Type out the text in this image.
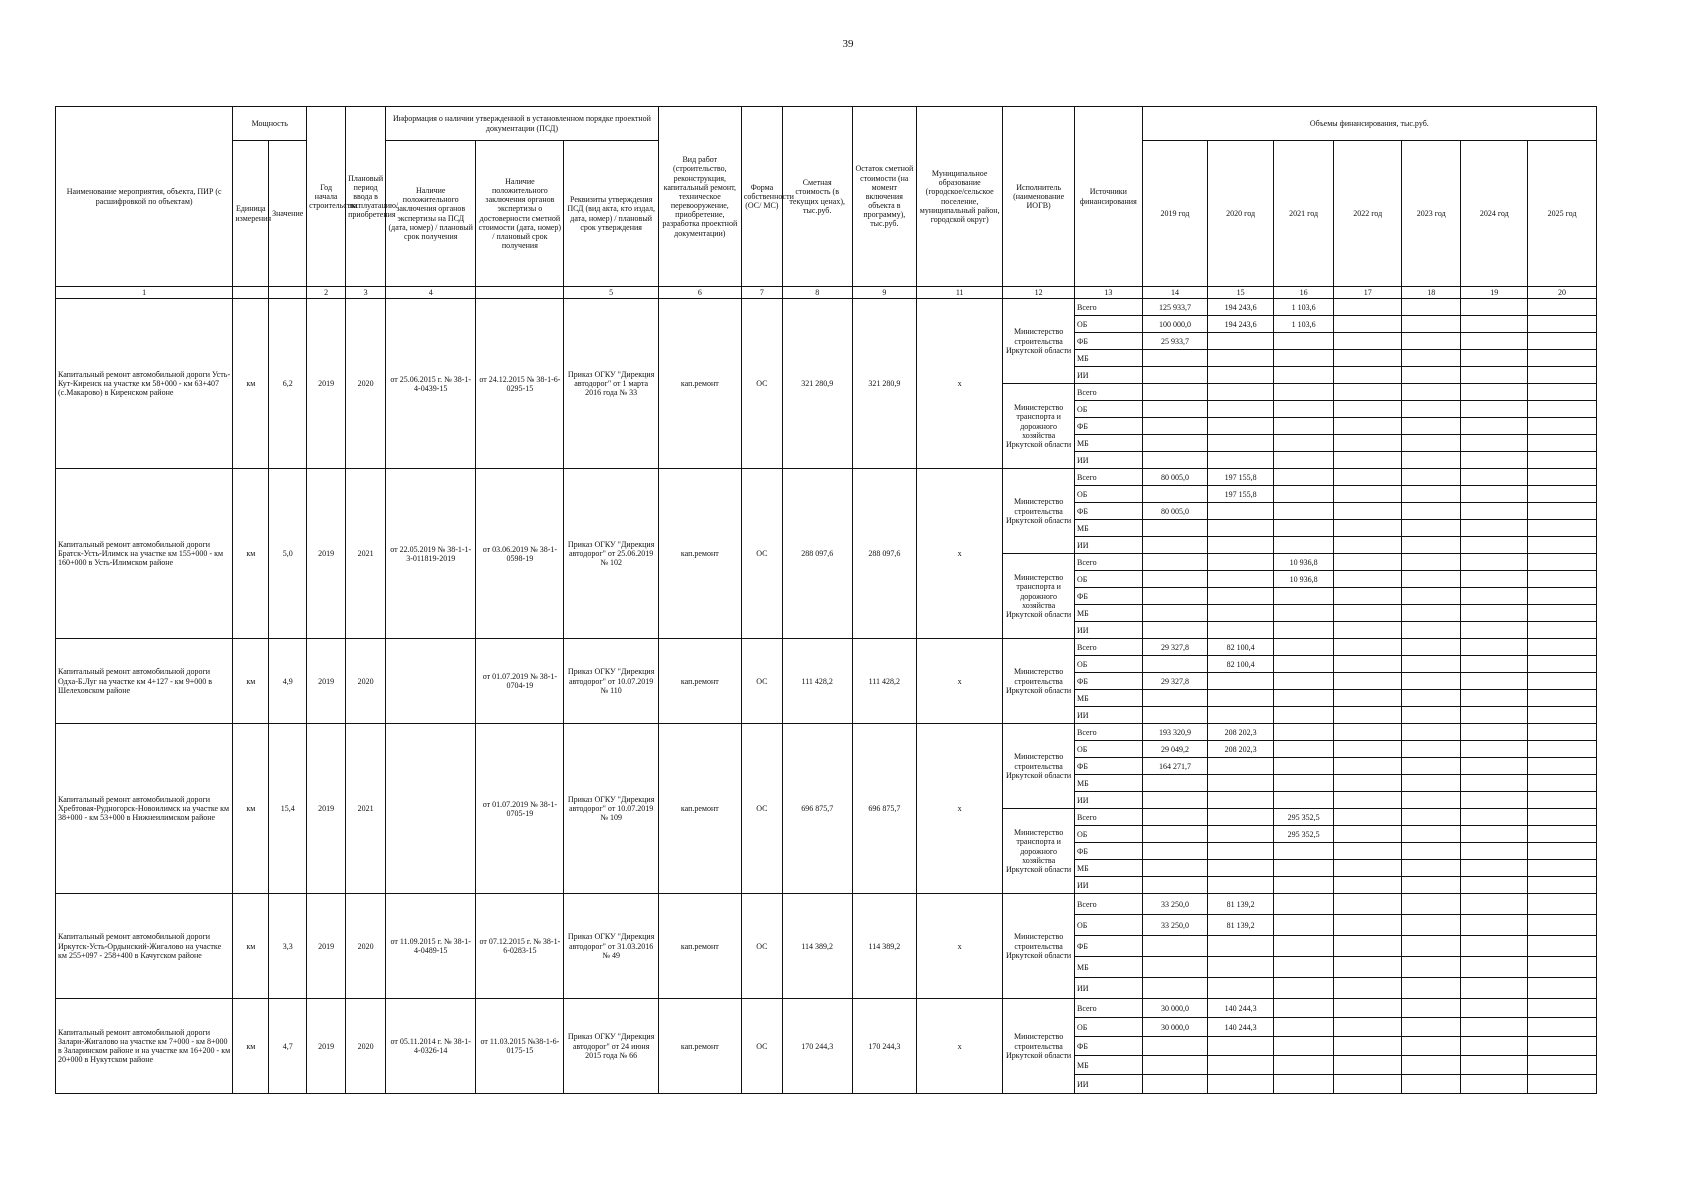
39
Наименование мероприятия, объекта, ПИР (с расшифровкой по объектам)	Мощность		Год начала строительства	Плановый период ввода в эксплуатацию/приобретения	Информация о наличии утвержденной в установленном порядке проектной документации (ПСД)			Вид работ (строительство, реконструкция, капитальный ремонт, техническое перевооружение, приобретение, разработка проектной документации)	Форма собственности (ОС/ МС)	Сметная стоимость (в текущих ценах), тыс.руб.	Остаток сметной стоимости (на момент включения объекта в программу), тыс.руб.	Муниципальное образование (городское/сельское поселение, муниципальный район, городской округ)	Исполнитель (наименование ИОГВ)	Источники финансирования	Объемы финансирования, тыс.руб.						
	Единица измерения	Значение			Наличие положительного заключения органов экспертизы на ПСД (дата, номер) / плановый срок получения	Наличие положительного заключения органов экспертизы о достоверности сметной стоимости (дата, номер) / плановый срок получения	Реквизиты утверждения ПСД (вид акта, кто издал, дата, номер) / плановый срок утверждения								2019 год	2020 год	2021 год	2022 год	2023 год	2024 год	2025 год
1			2	3	4		5	6	7	8	9	11	12	13	14	15	16	17	18	19	20
Капитальный ремонт автомобильной дороги Усть-Кут-Киренск на участке км 58+000 - км 63+407 (с.Макарово) в Киренском районе	км	6,2	2019	2020	от 25.06.2015 г. № 38-1-4-0439-15	от 24.12.2015 № 38-1-6-0295-15	Приказ ОГКУ "Дирекция автодорог" от 1 марта 2016 года № 33	кап.ремонт	ОС	321 280,9	321 280,9	х	Министерство строительства Иркутской области	Всего	125 933,7	194 243,6	1 103,6				
														ОБ	100 000,0	194 243,6	1 103,6				
														ФБ	25 933,7						
														МБ							
														ИИ							
													Министерство транспорта и дорожного хозяйства Иркутской области	Всего							
														ОБ							
														ФБ							
														МБ							
														ИИ							
Капитальный ремонт автомобильной дороги Братск-Усть-Илимск на участке км 155+000 - км 160+000 в Усть-Илимском районе	км	5,0	2019	2021	от 22.05.2019 № 38-1-1-3-011819-2019	от 03.06.2019 № 38-1-0598-19	Приказ ОГКУ "Дирекция автодорог" от 25.06.2019 № 102	кап.ремонт	ОС	288 097,6	288 097,6	х	Министерство строительства Иркутской области	Всего	80 005,0	197 155,8					
														ОБ		197 155,8					
														ФБ	80 005,0						
														МБ							
														ИИ							
													Министерство транспорта и дорожного хозяйства Иркутской области	Всего			10 936,8				
														ОБ			10 936,8				
														ФБ							
														МБ							
														ИИ							
Капитальный ремонт автомобильной дороги Одха-Б.Луг на участке км 4+127 - км 9+000 в Шелеховском районе	км	4,9	2019	2020		от 01.07.2019 № 38-1-0704-19	Приказ ОГКУ "Дирекция автодорог" от 10.07.2019 № 110	кап.ремонт	ОС	111 428,2	111 428,2	х	Министерство строительства Иркутской области	Всего	29 327,8	82 100,4					
														ОБ		82 100,4					
														ФБ	29 327,8						
														МБ							
														ИИ							
Капитальный ремонт автомобильной дороги Хребтовая-Рудногорск-Новоилимск на участке км 38+000 - км 53+000 в Нижнеилимском районе	км	15,4	2019	2021		от 01.07.2019 № 38-1-0705-19	Приказ ОГКУ "Дирекция автодорог" от 10.07.2019 № 109	кап.ремонт	ОС	696 875,7	696 875,7	х	Министерство строительства Иркутской области	Всего	193 320,9	208 202,3					
														ОБ	29 049,2	208 202,3					
														ФБ	164 271,7						
														МБ							
														ИИ							
													Министерство транспорта и дорожного хозяйства Иркутской области	Всего			295 352,5				
														ОБ			295 352,5				
														ФБ							
														МБ							
														ИИ							
Капитальный ремонт автомобильной дороги Иркутск-Усть-Ордынский-Жигалово на участке км 255+097 - 258+400 в Качугском районе	км	3,3	2019	2020	от 11.09.2015 г. № 38-1-4-0489-15	от 07.12.2015 г. № 38-1-6-0283-15	Приказ ОГКУ "Дирекция автодорог" от 31.03.2016 № 49	кап.ремонт	ОС	114 389,2	114 389,2	х	Министерство строительства Иркутской области	Всего	33 250,0	81 139,2					
														ОБ	33 250,0	81 139,2					
														ФБ							
														МБ							
														ИИ							
Капитальный ремонт автомобильной дороги Залари-Жигалово на участке км 7+000 - км 8+000 в Заларинском районе и на участке км 16+200 - км 20+000 в Нукутском районе	км	4,7	2019	2020	от 05.11.2014 г. № 38-1-4-0326-14	от 11.03.2015 №38-1-6-0175-15	Приказ ОГКУ "Дирекция автодорог" от 24 июня 2015 года № 66	кап.ремонт	ОС	170 244,3	170 244,3	х	Министерство строительства Иркутской области	Всего	30 000,0	140 244,3					
														ОБ	30 000,0	140 244,3					
														ФБ							
														МБ							
														ИИ							
